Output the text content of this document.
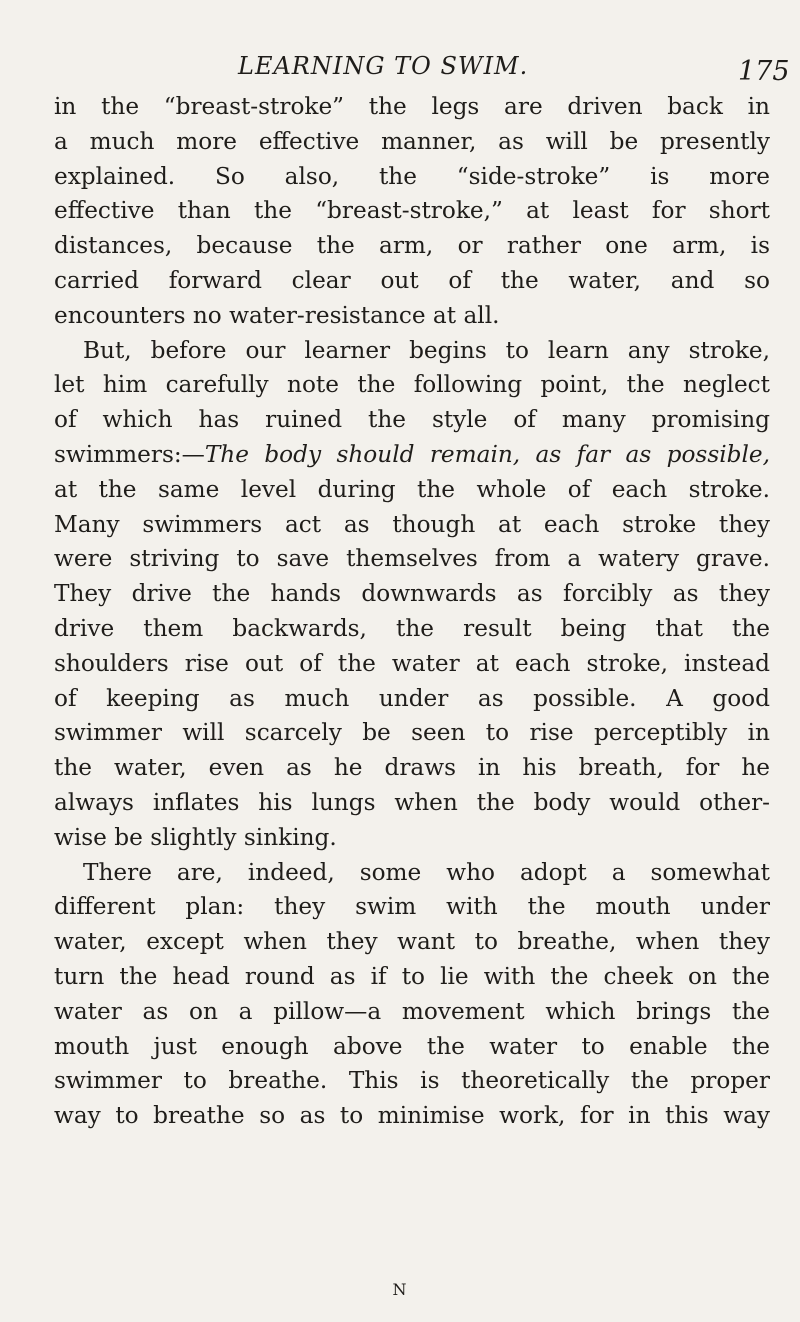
LEARNING TO SWIM.	175
in the “breast-stroke” the legs are driven back in
a much more effective manner, as will be presently
explained. So also, the “side-stroke” is more
effective than the “breast-stroke,” at least for short
distances, because the arm, or rather one arm, is
carried forward clear out of the water, and so
encounters no water-resistance at all.
But, before our learner begins to learn any stroke,
let him carefully note the following point, the neglect
of which has ruined the style of many promising
swimmers:—The body should remain, as far as possible,
at the same level during the whole of each stroke.
Many swimmers act as though at each stroke they
were striving to save themselves from a watery grave.
They drive the hands downwards as forcibly as they
drive them backwards, the result being that the
shoulders rise out of the water at each stroke, instead
of keeping as much under as possible. A good
swimmer will scarcely be seen to rise perceptibly in
the water, even as he draws in his breath, for he
always inflates his lungs when the body would other-
wise be slightly sinking.
There are, indeed, some who adopt a somewhat
different plan: they swim with the mouth under
water, except when they want to breathe, when they
turn the head round as if to lie with the cheek on the
water as on a pillow—a movement which brings the
mouth just enough above the water to enable the
swimmer to breathe. This is theoretically the proper
way to breathe so as to minimise work, for in this way
N
